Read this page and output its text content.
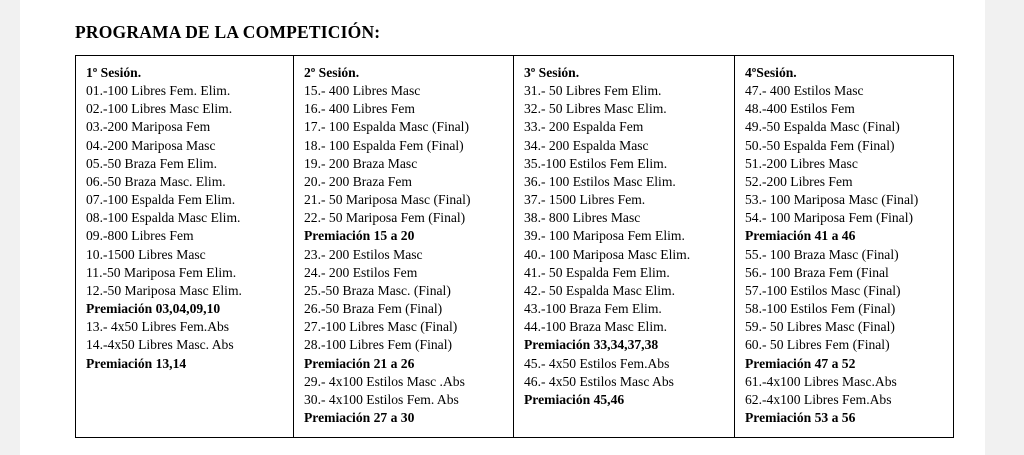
PROGRAMA DE LA COMPETICIÓN:
1º Sesión.
01.-100 Libres Fem. Elim.
02.-100 Libres Masc Elim.
03.-200 Mariposa Fem
04.-200 Mariposa Masc
05.-50 Braza Fem Elim.
06.-50 Braza Masc. Elim.
07.-100 Espalda Fem Elim.
08.-100 Espalda Masc Elim.
09.-800 Libres Fem
10.-1500 Libres Masc
11.-50 Mariposa Fem Elim.
12.-50 Mariposa Masc Elim.
Premiación 03,04,09,10
13.- 4x50 Libres Fem.Abs
14.-4x50 Libres Masc. Abs
Premiación 13,14
2º Sesión.
15.- 400 Libres Masc
16.- 400 Libres Fem
17.- 100 Espalda Masc (Final)
18.- 100 Espalda Fem (Final)
19.- 200 Braza Masc
20.- 200 Braza Fem
21.- 50 Mariposa Masc (Final)
22.- 50 Mariposa Fem (Final)
Premiación 15 a 20
23.- 200 Estilos Masc
24.- 200 Estilos Fem
25.-50 Braza Masc. (Final)
26.-50 Braza Fem (Final)
27.-100 Libres Masc (Final)
28.-100 Libres Fem (Final)
Premiación 21 a 26
29.- 4x100 Estilos Masc .Abs
30.- 4x100 Estilos Fem. Abs
Premiación 27 a 30
3º Sesión.
31.- 50 Libres Fem Elim.
32.- 50 Libres Masc Elim.
33.- 200 Espalda Fem
34.- 200 Espalda Masc
35.-100 Estilos Fem Elim.
36.- 100 Estilos Masc Elim.
37.- 1500 Libres Fem.
38.- 800 Libres Masc
39.- 100 Mariposa Fem Elim.
40.- 100 Mariposa Masc Elim.
41.- 50 Espalda Fem Elim.
42.- 50 Espalda Masc Elim.
43.-100 Braza Fem Elim.
44.-100 Braza Masc Elim.
Premiación 33,34,37,38
45.- 4x50 Estilos Fem.Abs
46.- 4x50 Estilos Masc Abs
Premiación 45,46
4ºSesión.
47.- 400 Estilos Masc
48.-400 Estilos Fem
49.-50 Espalda Masc (Final)
50.-50 Espalda Fem (Final)
51.-200 Libres Masc
52.-200 Libres Fem
53.- 100 Mariposa Masc (Final)
54.- 100 Mariposa Fem (Final)
Premiación 41 a 46
55.- 100 Braza Masc (Final)
56.- 100 Braza Fem (Final
57.-100 Estilos Masc (Final)
58.-100 Estilos Fem (Final)
59.- 50 Libres Masc (Final)
60.- 50 Libres Fem (Final)
Premiación 47 a 52
61.-4x100 Libres Masc.Abs
62.-4x100 Libres Fem.Abs
Premiación 53 a 56
